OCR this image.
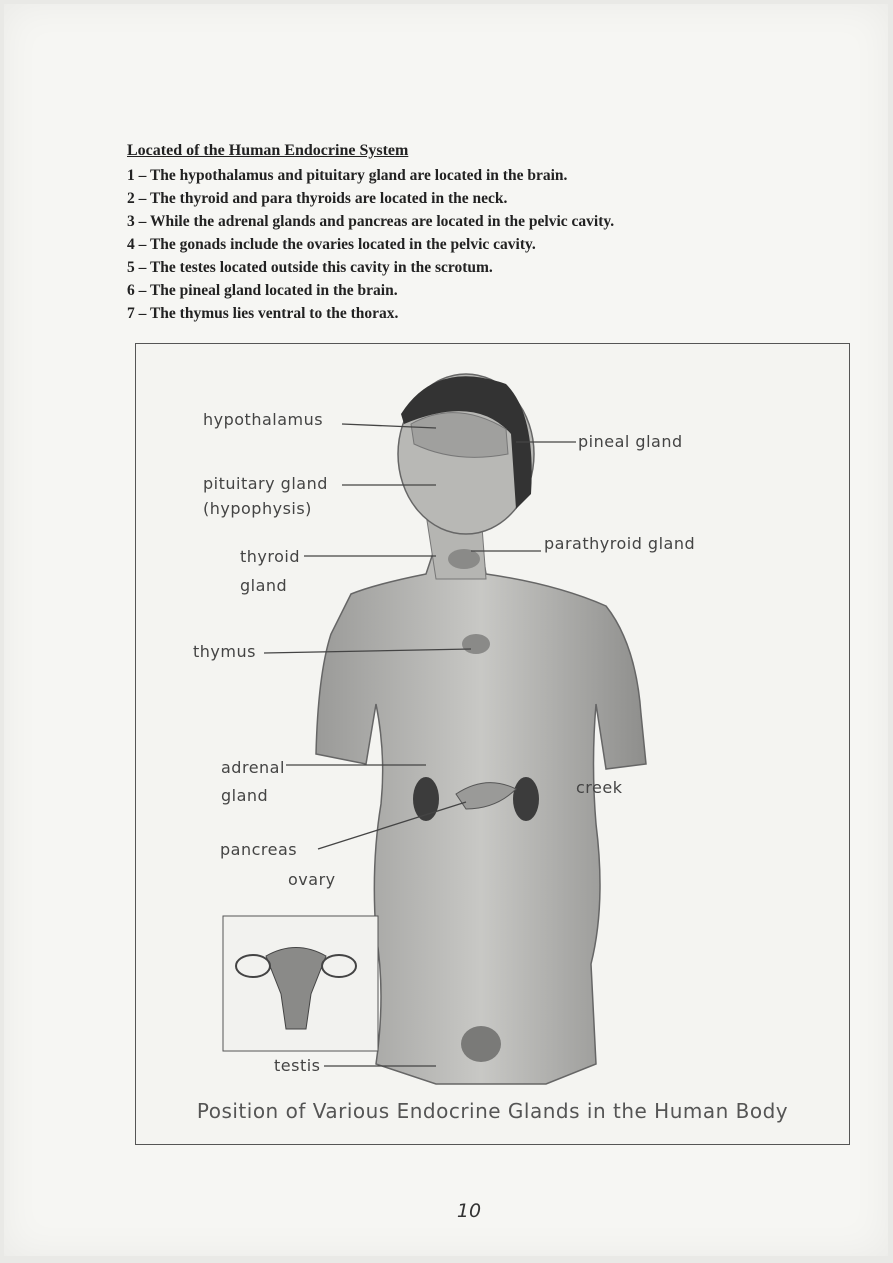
Located of the Human Endocrine System
1 – The hypothalamus and pituitary gland are located in the brain.
2 – The thyroid and para thyroids are located in the neck.
3 – While the adrenal glands and pancreas are located in the pelvic cavity.
4 – The gonads include the ovaries located in the pelvic cavity.
5 – The testes located outside this cavity in the scrotum.
6 – The pineal gland located in the brain.
7 – The thymus lies ventral to the thorax.
hypothalamus
pituitary gland
(hypophysis)
thyroid
gland
thymus
adrenal
gland
pancreas
ovary
testis
pineal gland
parathyroid gland
creek
Position of Various Endocrine Glands in the Human Body
10
